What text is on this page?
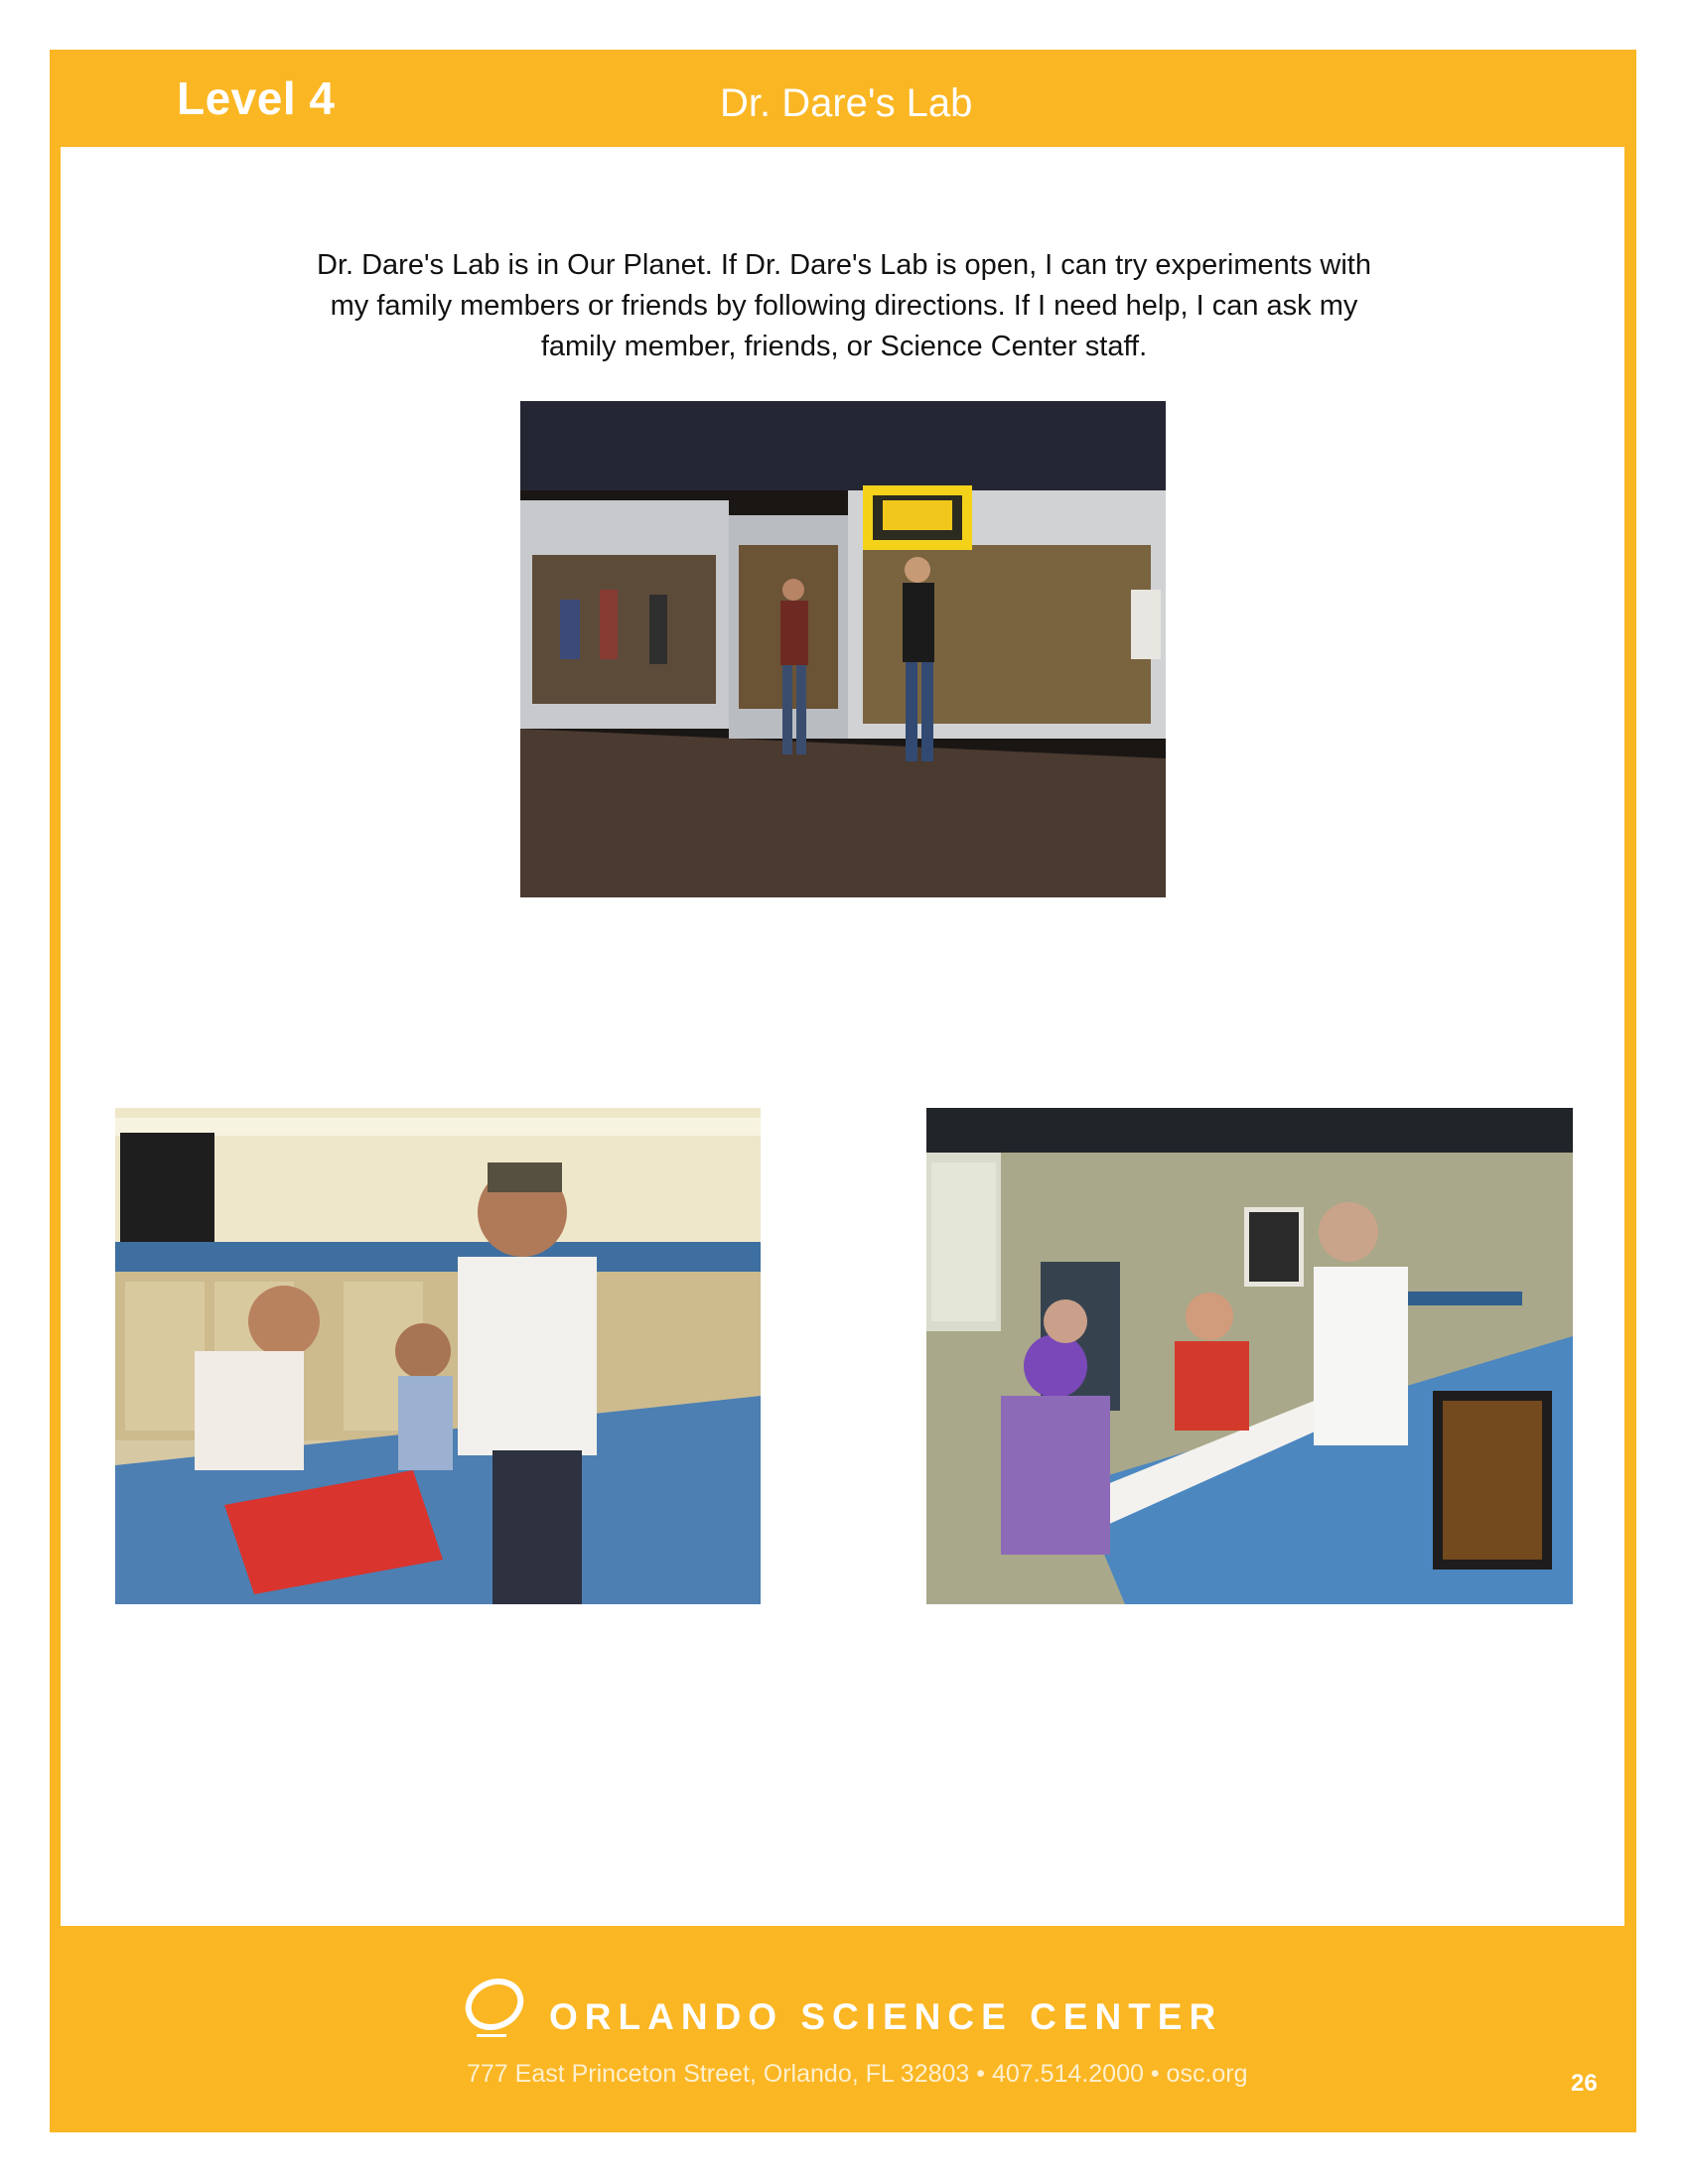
Level 4	Dr. Dare's Lab

Dr. Dare's Lab is in Our Planet. If Dr. Dare's Lab is open, I can try experiments with my family members or friends by following directions. If I need help, I can ask my family member, friends, or Science Center staff.

ORLANDO SCIENCE CENTER
777 East Princeton Street, Orlando, FL 32803 • 407.514.2000 • osc.org	26
